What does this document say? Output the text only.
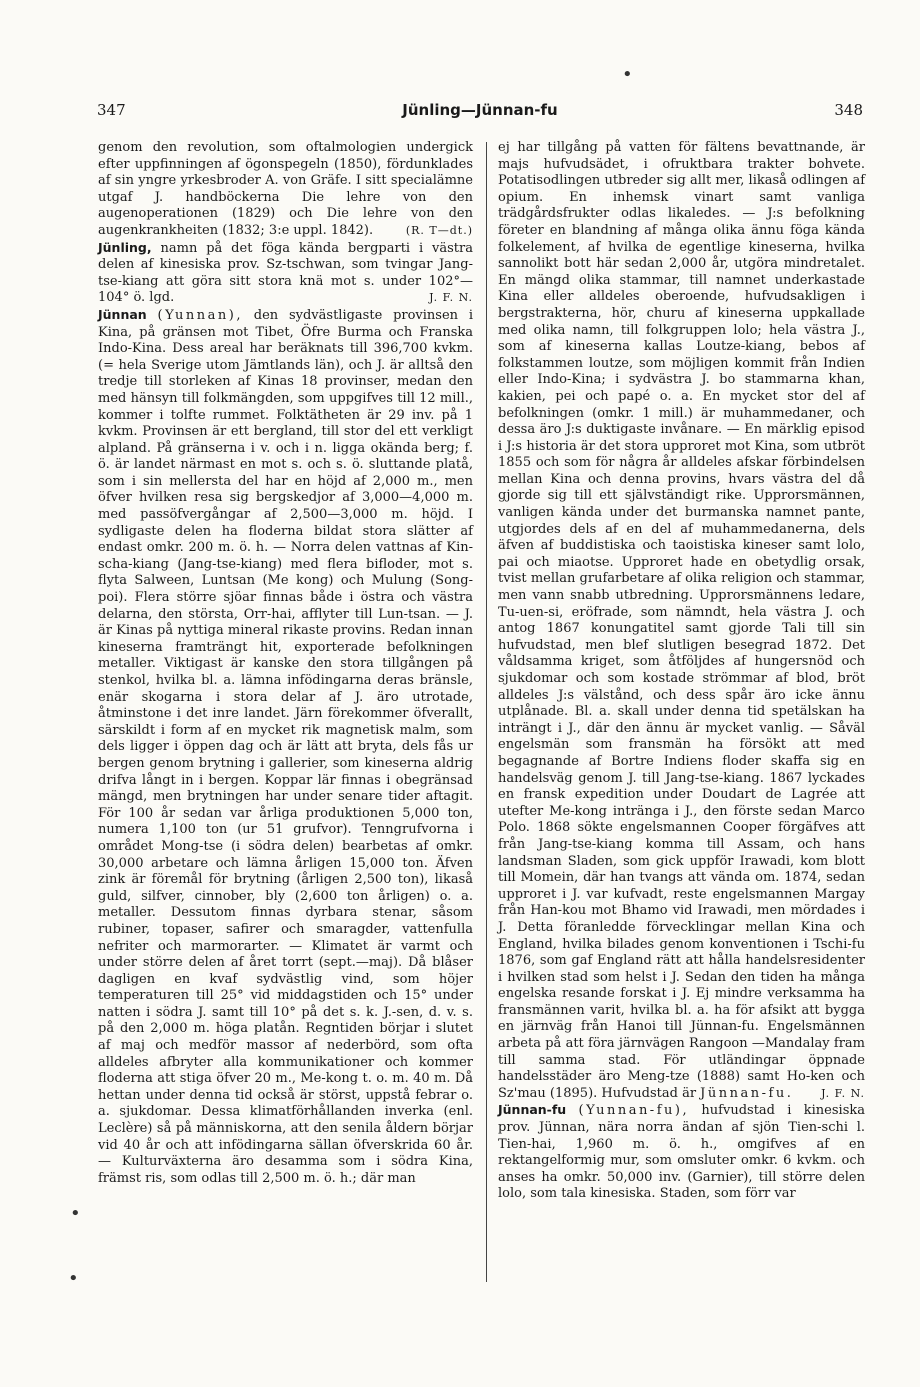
•
•
•
347	Jünling—Jünnan-fu	348

genom den revolution, som oftalmologien undergick efter uppfinningen af ögonspegeln (1850), fördunklades af sin yngre yrkesbroder A. von Gräfe. I sitt specialämne utgaf J. handböckerna Die lehre von den augenoperationen (1829) och Die lehre von den augenkrankheiten (1832; 3:e uppl. 1842).	(R. T—dt.)

Jünling, namn på det föga kända bergparti i västra delen af kinesiska prov. Sz-tschwan, som tvingar Jang-tse-kiang att göra sitt stora knä mot s. under 102°—104° ö. lgd.	J. F. N.

Jünnan (Yunnan), den sydvästligaste provinsen i Kina, på gränsen mot Tibet, Öfre Burma och Franska Indo-Kina. Dess areal har beräknats till 396,700 kvkm. (= hela Sverige utom Jämtlands län), och J. är alltså den tredje till storleken af Kinas 18 provinser, medan den med hänsyn till folkmängden, som uppgifves till 12 mill., kommer i tolfte rummet. Folktätheten är 29 inv. på 1 kvkm. Provinsen är ett bergland, till stor del ett verkligt alpland. På gränserna i v. och i n. ligga okända berg; f. ö. är landet närmast en mot s. och s. ö. sluttande platå, som i sin mellersta del har en höjd af 2,000 m., men öfver hvilken resa sig bergskedjor af 3,000—4,000 m. med passöfvergångar af 2,500—3,000 m. höjd. I sydligaste delen ha floderna bildat stora slätter af endast omkr. 200 m. ö. h. — Norra delen vattnas af Kin-scha-kiang (Jang-tse-kiang) med flera bifloder, mot s. flyta Salween, Luntsan (Me kong) och Mulung (Song-poi). Flera större sjöar finnas både i östra och västra delarna, den största, Orr-hai, afflyter till Lun-tsan. — J. är Kinas på nyttiga mineral rikaste provins. Redan innan kineserna framträngt hit, exporterade befolkningen metaller. Viktigast är kanske den stora tillgången på stenkol, hvilka bl. a. lämna infödingarna deras bränsle, enär skogarna i stora delar af J. äro utrotade, åtminstone i det inre landet. Järn förekommer öfverallt, särskildt i form af en mycket rik magnetisk malm, som dels ligger i öppen dag och är lätt att bryta, dels fås ur bergen genom brytning i gallerier, som kineserna aldrig drifva långt in i bergen. Koppar lär finnas i obegränsad mängd, men brytningen har under senare tider aftagit. För 100 år sedan var årliga produktionen 5,000 ton, numera 1,100 ton (ur 51 grufvor). Tenngrufvorna i området Mong-tse (i södra delen) bearbetas af omkr. 30,000 arbetare och lämna årligen 15,000 ton. Äfven zink är föremål för brytning (årligen 2,500 ton), likaså guld, silfver, cinnober, bly (2,600 ton årligen) o. a. metaller. Dessutom finnas dyrbara stenar, såsom rubiner, topaser, safirer och smaragder, vattenfulla nefriter och marmorarter. — Klimatet är varmt och under större delen af året torrt (sept.—maj). Då blåser dagligen en kvaf sydvästlig vind, som höjer temperaturen till 25° vid middagstiden och 15° under natten i södra J. samt till 10° på det s. k. J.-sen, d. v. s. på den 2,000 m. höga platån. Regntiden börjar i slutet af maj och medför massor af nederbörd, som ofta alldeles afbryter alla kommunikationer och kommer floderna att stiga öfver 20 m., Me-kong t. o. m. 40 m. Då hettan under denna tid också är störst, uppstå febrar o. a. sjukdomar. Dessa klimatförhållanden inverka (enl. Leclère) så på människorna, att den senila åldern börjar vid 40 år och att infödingarna sällan öfverskrida 60 år. — Kulturväxterna äro desamma som i södra Kina, främst ris, som odlas till 2,500 m. ö. h.; där man

ej har tillgång på vatten för fältens bevattnande, är majs hufvudsädet, i ofruktbara trakter bohvete. Potatisodlingen utbreder sig allt mer, likaså odlingen af opium. En inhemsk vinart samt vanliga trädgårdsfrukter odlas likaledes. — J:s befolkning företer en blandning af många olika ännu föga kända folkelement, af hvilka de egentlige kineserna, hvilka sannolikt bott här sedan 2,000 år, utgöra mindretalet. En mängd olika stammar, till namnet underkastade Kina eller alldeles oberoende, hufvudsakligen i bergstrakterna, hör, churu af kineserna uppkallade med olika namn, till folkgruppen lolo; hela västra J., som af kineserna kallas Loutze-kiang, bebos af folkstammen loutze, som möjligen kommit från Indien eller Indo-Kina; i sydvästra J. bo stammarna khan, kakien, pei och papé o. a. En mycket stor del af befolkningen (omkr. 1 mill.) är muhammedaner, och dessa äro J:s duktigaste invånare. — En märklig episod i J:s historia är det stora upproret mot Kina, som utbröt 1855 och som för några år alldeles afskar förbindelsen mellan Kina och denna provins, hvars västra del då gjorde sig till ett självständigt rike. Upprorsmännen, vanligen kända under det burmanska namnet pante, utgjordes dels af en del af muhammedanerna, dels äfven af buddistiska och taoistiska kineser samt lolo, pai och miaotse. Upproret hade en obetydlig orsak, tvist mellan grufarbetare af olika religion och stammar, men vann snabb utbredning. Upprorsmännens ledare, Tu-uen-si, eröfrade, som nämndt, hela västra J. och antog 1867 konungatitel samt gjorde Tali till sin hufvudstad, men blef slutligen besegrad 1872. Det våldsamma kriget, som åtföljdes af hungersnöd och sjukdomar och som kostade strömmar af blod, bröt alldeles J:s välstånd, och dess spår äro icke ännu utplånade. Bl. a. skall under denna tid spetälskan ha inträngt i J., där den ännu är mycket vanlig. — Såväl engelsmän som fransmän ha försökt att med begagnande af Bortre Indiens floder skaffa sig en handelsväg genom J. till Jang-tse-kiang. 1867 lyckades en fransk expedition under Doudart de Lagrée att utefter Me-kong intränga i J., den förste sedan Marco Polo. 1868 sökte engelsmannen Cooper förgäfves att från Jang-tse-kiang komma till Assam, och hans landsman Sladen, som gick uppför Irawadi, kom blott till Momein, där han tvangs att vända om. 1874, sedan upproret i J. var kufvadt, reste engelsmannen Margay från Han-kou mot Bhamo vid Irawadi, men mördades i J. Detta föranledde förvecklingar mellan Kina och England, hvilka bilades genom konventionen i Tschi-fu 1876, som gaf England rätt att hålla handelsresidenter i hvilken stad som helst i J. Sedan den tiden ha många engelska resande forskat i J. Ej mindre verksamma ha fransmännen varit, hvilka bl. a. ha för afsikt att bygga en järnväg från Hanoi till Jünnan-fu. Engelsmännen arbeta på att föra järnvägen Rangoon —Mandalay fram till samma stad. För utländingar öppnade handelsstäder äro Meng-tze (1888) samt Ho-ken och Sz'mau (1895). Hufvudstad är Jünnan-fu.	J. F. N.

Jünnan-fu (Yunnan-fu), hufvudstad i kinesiska prov. Jünnan, nära norra ändan af sjön Tien-schi l. Tien-hai, 1,960 m. ö. h., omgifves af en rektangelformig mur, som omsluter omkr. 6 kvkm. och anses ha omkr. 50,000 inv. (Garnier), till större delen lolo, som tala kinesiska. Staden, som förr var
